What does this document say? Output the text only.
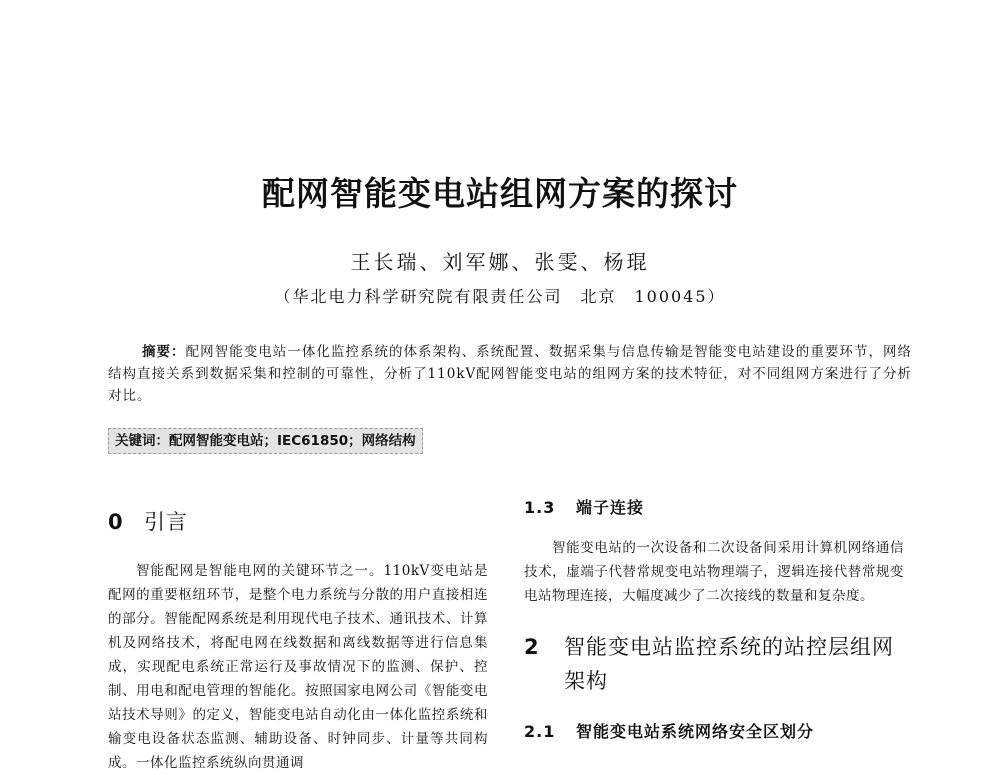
配网智能变电站组网方案的探讨
王长瑞、刘军娜、张雯、杨琨
（华北电力科学研究院有限责任公司　北京　100045）
摘要：配网智能变电站一体化监控系统的体系架构、系统配置、数据采集与信息传输是智能变电站建设的重要环节，网络结构直接关系到数据采集和控制的可靠性，分析了110kV配网智能变电站的组网方案的技术特征，对不同组网方案进行了分析对比。
关键词：配网智能变电站；IEC61850；网络结构
0 引言

智能配网是智能电网的关键环节之一。110kV变电站是配网的重要枢纽环节，是整个电力系统与分散的用户直接相连的部分。智能配网系统是利用现代电子技术、通讯技术、计算机及网络技术，将配电网在线数据和离线数据等进行信息集成，实现配电系统正常运行及事故情况下的监测、保护、控制、用电和配电管理的智能化。按照国家电网公司《智能变电站技术导则》的定义，智能变电站自动化由一体化监控系统和输变电设备状态监测、辅助设备、时钟同步、计量等共同构成。一体化监控系统纵向贯通调

1.3 端子连接

智能变电站的一次设备和二次设备间采用计算机网络通信技术，虚端子代替常规变电站物理端子，逻辑连接代替常规变电站物理连接，大幅度减少了二次接线的数量和复杂度。

2 智能变电站监控系统的站控层组网架构
2.1 智能变电站系统网络安全区划分
